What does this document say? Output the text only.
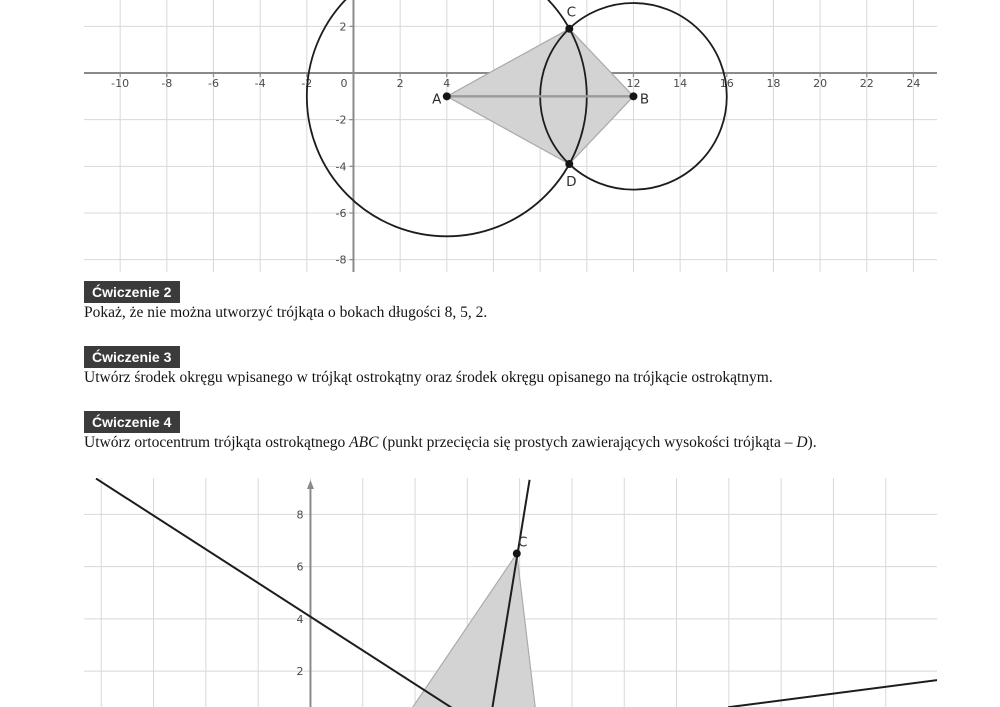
-10	-8	-6	-4	-2	2	4	12	14	16	18	20	22	24
0
2
-2
-4
-6
-8
A	B
C
D
Ćwiczenie 2

Pokaż, że nie można utworzyć trójkąta o bokach długości 8, 5, 2.

Ćwiczenie 3

Utwórz środek okręgu wpisanego w trójkąt ostrokątny oraz środek okręgu opisanego na trójkącie ostrokątnym.

Ćwiczenie 4

Utwórz ortocentrum trójkąta ostrokątnego ABC (punkt przecięcia się prostych zawierających wysokości trójkąta – D).

8
6
4
2
C
